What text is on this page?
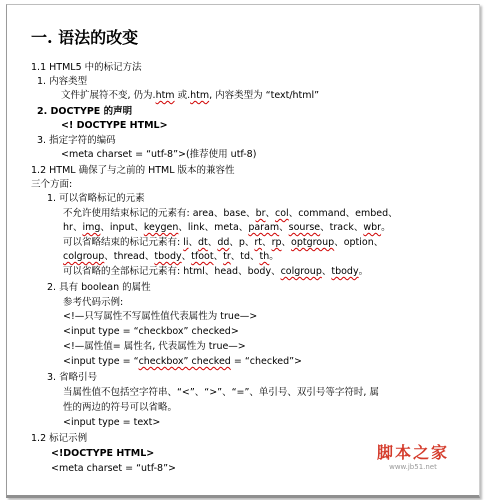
一. 语法的改变
1.1 HTML5 中的标记方法
1. 内容类型
文件扩展符不变, 仍为.htm 或.htm, 内容类型为 “text/html”
2. DOCTYPE 的声明
<! DOCTYPE HTML>
3. 指定字符的编码
<meta charset = “utf-8”>(推荐使用 utf-8)
1.2 HTML 确保了与之前的 HTML 版本的兼容性
三个方面:
1. 可以省略标记的元素
不允许使用结束标记的元素有: area、base、br、col、command、embed、
hr、img、input、keygen、link、meta、param、sourse、track、wbr。
可以省略结束的标记元素有: li、dt、dd、p、rt、rp、optgroup、option、
colgroup、thread、tbody、tfoot、tr、td、th。
可以省略的全部标记元素有: html、head、body、colgroup、tbody。
2. 具有 boolean 的属性
参考代码示例:
<!—只写属性不写属性值代表属性为 true—>
<input type = “checkbox” checked>
<!—属性值= 属性名, 代表属性为 true—>
<input type = “checkbox” checked = “checked”>
3. 省略引号
当属性值不包括空字符串、“<”、“>”、“=”、单引号、双引号等字符时, 属
性的两边的符号可以省略。
<input type = text>
1.2 标记示例
<!DOCTYPE HTML>
<meta charset = “utf-8”>
脚本之家
www.jb51.net
